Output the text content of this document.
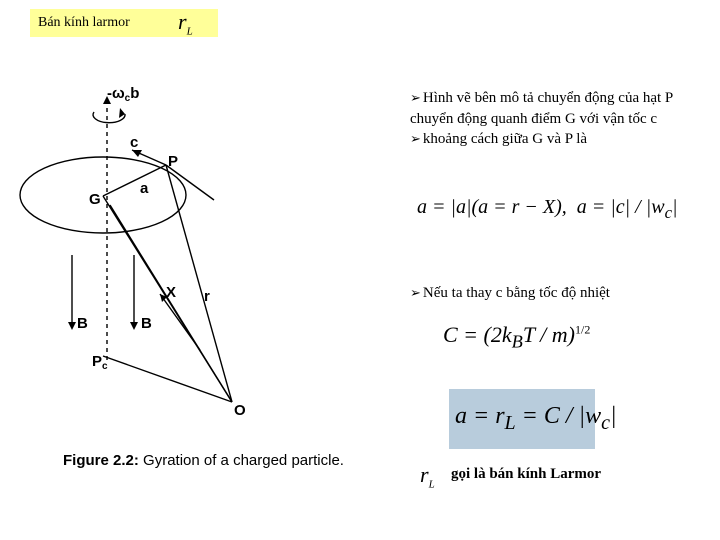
Bán kính larmor $r_L$
$-\omega_cb$
c
P
G
a
X r
B	B
$P_c$
O
Figure 2.2: Gyration of a charged particle.

➢ Hình vẽ bên mô tả chuyển động của hạt P chuyển động quanh điểm G với vận tốc c

➢ khoảng cách giữa G và P là

a = |a|(a = r − X),  $a = |c| / |w_c|$
➢ Nếu ta thay c bằng tốc độ nhiệt
$C = (2k_BT / m)^{1/2}$
$a = r_L = C / |w_c|$
$r_L$
gọi là bán kính Larmor
